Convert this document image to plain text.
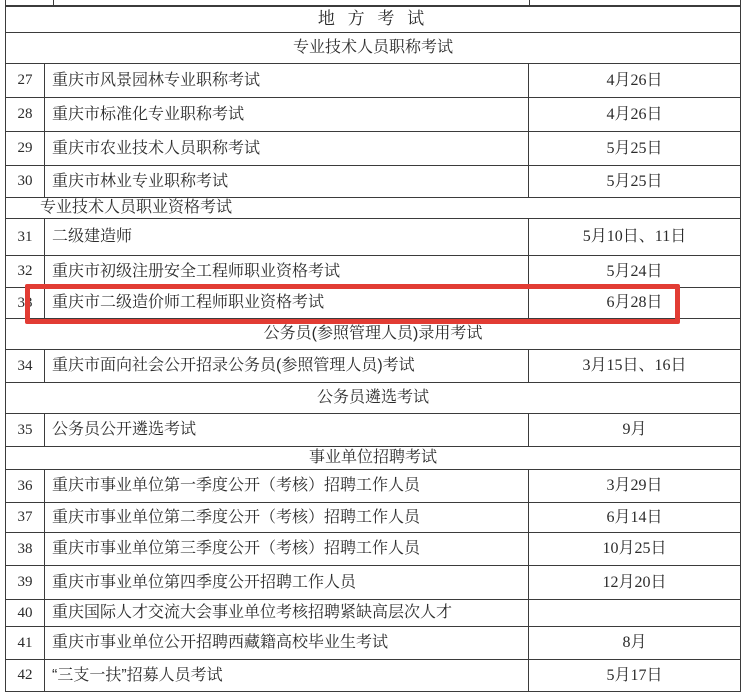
地 方 考 试
专业技术人员职称考试
27	重庆市风景园林专业职称考试	4月26日
28	重庆市标准化专业职称考试	4月26日
29	重庆市农业技术人员职称考试	5月25日
30	重庆市林业专业职称考试	5月25日
专业技术人员职业资格考试
31	二级建造师	5月10日、11日
32	重庆市初级注册安全工程师职业资格考试	5月24日
33	重庆市二级造价师工程师职业资格考试	6月28日
公务员(参照管理人员)录用考试
34	重庆市面向社会公开招录公务员(参照管理人员)考试	3月15日、16日
公务员遴选考试
35	公务员公开遴选考试	9月
事业单位招聘考试
36	重庆市事业单位第一季度公开（考核）招聘工作人员	3月29日
37	重庆市事业单位第二季度公开（考核）招聘工作人员	6月14日
38	重庆市事业单位第三季度公开（考核）招聘工作人员	10月25日
39	重庆市事业单位第四季度公开招聘工作人员	12月20日
40	重庆国际人才交流大会事业单位考核招聘紧缺高层次人才
41	重庆市事业单位公开招聘西藏籍高校毕业生考试	8月
42	“三支一扶”招募人员考试	5月17日
